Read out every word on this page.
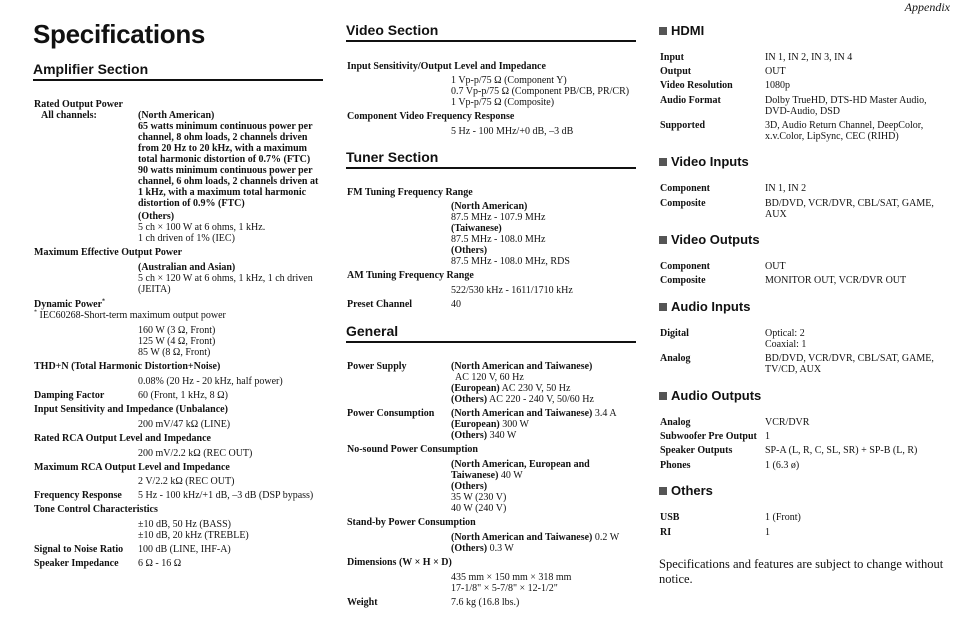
Appendix
Specifications
Amplifier Section
Rated Output Power
All channels:	(North American)
65 watts minimum continuous power per
channel, 8 ohm loads, 2 channels driven
from 20 Hz to 20 kHz, with a maximum
total harmonic distortion of 0.7% (FTC)
90 watts minimum continuous power per
channel, 6 ohm loads, 2 channels driven at
1 kHz, with a maximum total harmonic
distortion of 0.9% (FTC)
(Others)
5 ch × 100 W at 6 ohms, 1 kHz.
1 ch driven of 1% (IEC)
Maximum Effective Output Power
(Australian and Asian)
5 ch × 120 W at 6 ohms, 1 kHz, 1 ch driven
(JEITA)
Dynamic Power*
* IEC60268-Short-term maximum output power
160 W (3 Ω, Front)
125 W (4 Ω, Front)
85 W (8 Ω, Front)
THD+N (Total Harmonic Distortion+Noise)
0.08% (20 Hz - 20 kHz, half power)
Damping Factor	60 (Front, 1 kHz, 8 Ω)
Input Sensitivity and Impedance (Unbalance)
200 mV/47 kΩ (LINE)
Rated RCA Output Level and Impedance
200 mV/2.2 kΩ (REC OUT)
Maximum RCA Output Level and Impedance
2 V/2.2 kΩ (REC OUT)
Frequency Response 5 Hz - 100 kHz/+1 dB, –3 dB (DSP bypass)
Tone Control Characteristics
±10 dB, 50 Hz (BASS)
±10 dB, 20 kHz (TREBLE)
Signal to Noise Ratio 100 dB (LINE, IHF-A)
Speaker Impedance 6 Ω - 16 Ω
Video Section
Input Sensitivity/Output Level and Impedance
1 Vp-p/75 Ω (Component Y)
0.7 Vp-p/75 Ω (Component PB/CB, PR/CR)
1 Vp-p/75 Ω (Composite)
Component Video Frequency Response
5 Hz - 100 MHz/+0 dB, –3 dB
Tuner Section
FM Tuning Frequency Range
(North American)
87.5 MHz - 107.9 MHz
(Taiwanese)
87.5 MHz - 108.0 MHz
(Others)
87.5 MHz - 108.0 MHz, RDS
AM Tuning Frequency Range
522/530 kHz - 1611/1710 kHz
Preset Channel	40
General
Power Supply	(North American and Taiwanese)
AC 120 V, 60 Hz
(European) AC 230 V, 50 Hz
(Others) AC 220 - 240 V, 50/60 Hz
Power Consumption (North American and Taiwanese) 3.4 A
(European) 300 W
(Others) 340 W
No-sound Power Consumption
(North American, European and
Taiwanese) 40 W
(Others)
35 W (230 V)
40 W (240 V)
Stand-by Power Consumption
(North American and Taiwanese) 0.2 W
(Others) 0.3 W
Dimensions (W × H × D)
435 mm × 150 mm × 318 mm
17-1/8" × 5-7/8" × 12-1/2"
Weight	7.6 kg (16.8 lbs.)
HDMI
Input	IN 1, IN 2, IN 3, IN 4
Output	OUT
Video Resolution	1080p
Audio Format	Dolby TrueHD, DTS-HD Master Audio, DVD-Audio, DSD
Supported	3D, Audio Return Channel, DeepColor, x.v.Color, LipSync, CEC (RIHD)
Video Inputs
Component	IN 1, IN 2
Composite	BD/DVD, VCR/DVR, CBL/SAT, GAME, AUX
Video Outputs
Component	OUT
Composite	MONITOR OUT, VCR/DVR OUT
Audio Inputs
Digital	Optical: 2
Coaxial: 1
Analog	BD/DVD, VCR/DVR, CBL/SAT, GAME, TV/CD, AUX
Audio Outputs
Analog	VCR/DVR
Subwoofer Pre Output 1
Speaker Outputs	SP-A (L, R, C, SL, SR) + SP-B (L, R)
Phones	1 (6.3 ø)
Others
USB	1 (Front)
RI	1
Specifications and features are subject to change without notice.
